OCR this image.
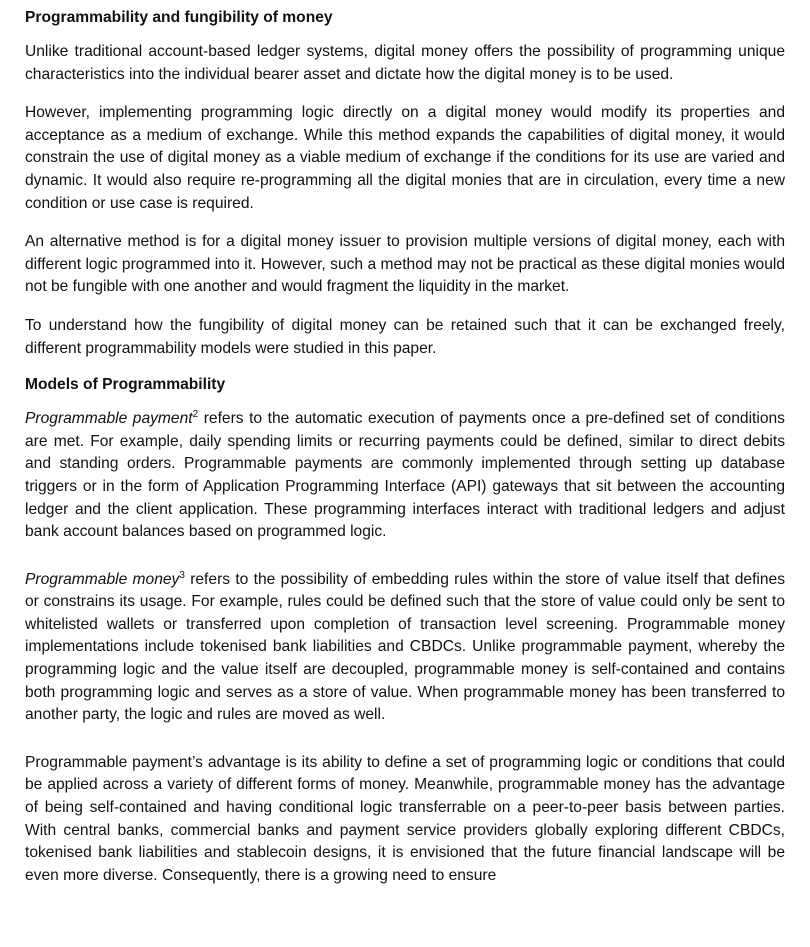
Programmability and fungibility of money

Unlike traditional account-based ledger systems, digital money offers the possibility of programming unique characteristics into the individual bearer asset and dictate how the digital money is to be used.

However, implementing programming logic directly on a digital money would modify its properties and acceptance as a medium of exchange. While this method expands the capabilities of digital money, it would constrain the use of digital money as a viable medium of exchange if the conditions for its use are varied and dynamic. It would also require re-programming all the digital monies that are in circulation, every time a new condition or use case is required.

An alternative method is for a digital money issuer to provision multiple versions of digital money, each with different logic programmed into it. However, such a method may not be practical as these digital monies would not be fungible with one another and would fragment the liquidity in the market.

To understand how the fungibility of digital money can be retained such that it can be exchanged freely, different programmability models were studied in this paper.

Models of Programmability

Programmable payment$^2$ refers to the automatic execution of payments once a pre-defined set of conditions are met. For example, daily spending limits or recurring payments could be defined, similar to direct debits and standing orders. Programmable payments are commonly implemented through setting up database triggers or in the form of Application Programming Interface (API) gateways that sit between the accounting ledger and the client application. These programming interfaces interact with traditional ledgers and adjust bank account balances based on programmed logic.

Programmable money$^3$ refers to the possibility of embedding rules within the store of value itself that defines or constrains its usage. For example, rules could be defined such that the store of value could only be sent to whitelisted wallets or transferred upon completion of transaction level screening. Programmable money implementations include tokenised bank liabilities and CBDCs. Unlike programmable payment, whereby the programming logic and the value itself are decoupled, programmable money is self-contained and contains both programming logic and serves as a store of value. When programmable money has been transferred to another party, the logic and rules are moved as well.

Programmable payment’s advantage is its ability to define a set of programming logic or conditions that could be applied across a variety of different forms of money. Meanwhile, programmable money has the advantage of being self-contained and having conditional logic transferrable on a peer-to-peer basis between parties. With central banks, commercial banks and payment service providers globally exploring different CBDCs, tokenised bank liabilities and stablecoin designs, it is envisioned that the future financial landscape will be even more diverse. Consequently, there is a growing need to ensure
